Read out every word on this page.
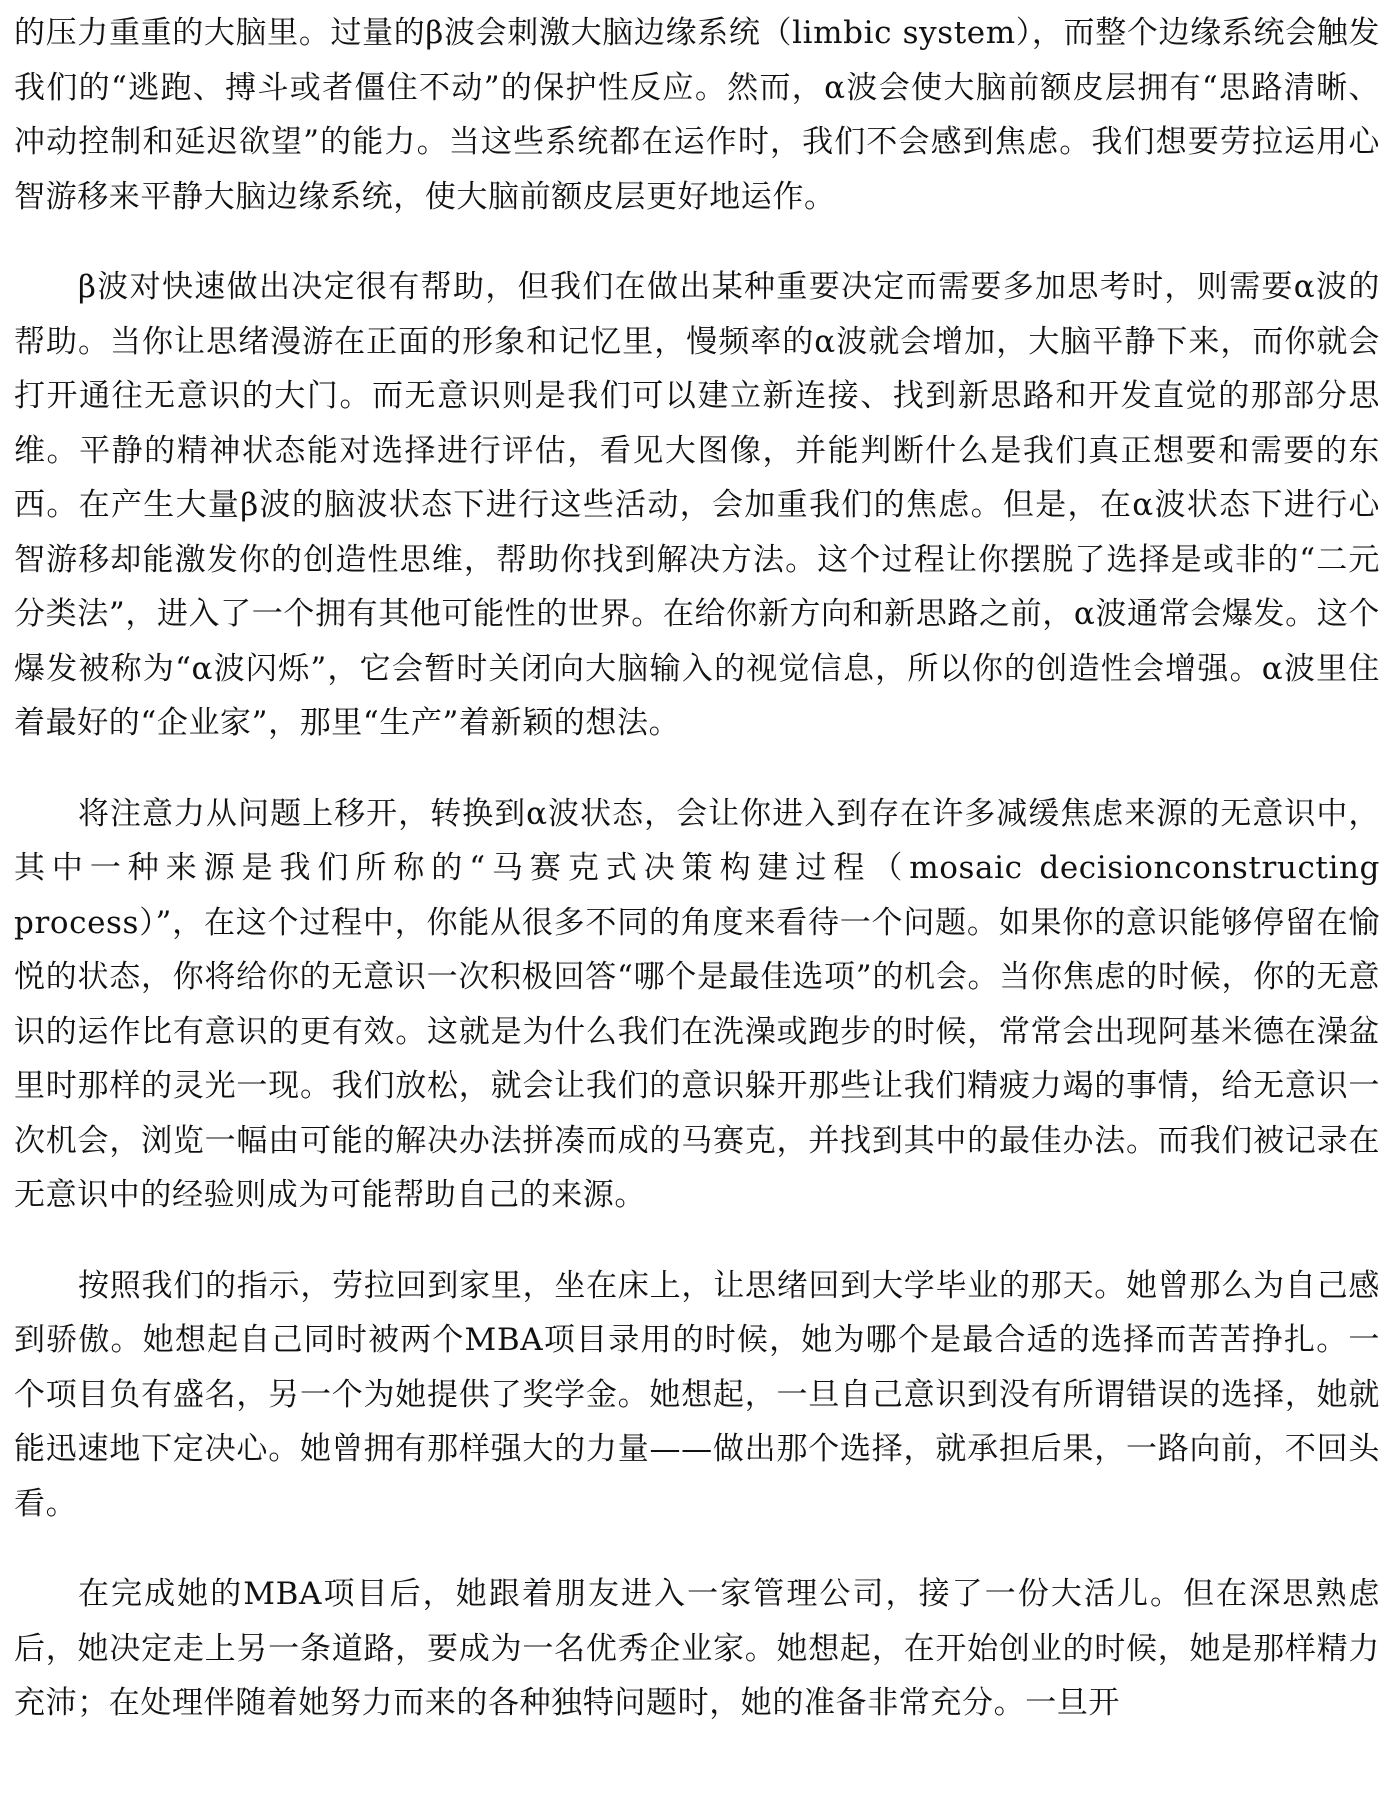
的压力重重的大脑里。过量的β波会刺激大脑边缘系统（limbic system），而整个边缘系统会触发我们的“逃跑、搏斗或者僵住不动”的保护性反应。然而，α波会使大脑前额皮层拥有“思路清晰、冲动控制和延迟欲望”的能力。当这些系统都在运作时，我们不会感到焦虑。我们想要劳拉运用心智游移来平静大脑边缘系统，使大脑前额皮层更好地运作。

β波对快速做出决定很有帮助，但我们在做出某种重要决定而需要多加思考时，则需要α波的帮助。当你让思绪漫游在正面的形象和记忆里，慢频率的α波就会增加，大脑平静下来，而你就会打开通往无意识的大门。而无意识则是我们可以建立新连接、找到新思路和开发直觉的那部分思维。平静的精神状态能对选择进行评估，看见大图像，并能判断什么是我们真正想要和需要的东西。在产生大量β波的脑波状态下进行这些活动，会加重我们的焦虑。但是，在α波状态下进行心智游移却能激发你的创造性思维，帮助你找到解决方法。这个过程让你摆脱了选择是或非的“二元分类法”，进入了一个拥有其他可能性的世界。在给你新方向和新思路之前，α波通常会爆发。这个爆发被称为“α波闪烁”，它会暂时关闭向大脑输入的视觉信息，所以你的创造性会增强。α波里住着最好的“企业家”，那里“生产”着新颖的想法。

将注意力从问题上移开，转换到α波状态，会让你进入到存在许多减缓焦虑来源的无意识中，其中一种来源是我们所称的“马赛克式决策构建过程（mosaic decisionconstructing process）”，在这个过程中，你能从很多不同的角度来看待一个问题。如果你的意识能够停留在愉悦的状态，你将给你的无意识一次积极回答“哪个是最佳选项”的机会。当你焦虑的时候，你的无意识的运作比有意识的更有效。这就是为什么我们在洗澡或跑步的时候，常常会出现阿基米德在澡盆里时那样的灵光一现。我们放松，就会让我们的意识躲开那些让我们精疲力竭的事情，给无意识一次机会，浏览一幅由可能的解决办法拼凑而成的马赛克，并找到其中的最佳办法。而我们被记录在无意识中的经验则成为可能帮助自己的来源。

按照我们的指示，劳拉回到家里，坐在床上，让思绪回到大学毕业的那天。她曾那么为自己感到骄傲。她想起自己同时被两个MBA项目录用的时候，她为哪个是最合适的选择而苦苦挣扎。一个项目负有盛名，另一个为她提供了奖学金。她想起，一旦自己意识到没有所谓错误的选择，她就能迅速地下定决心。她曾拥有那样强大的力量——做出那个选择，就承担后果，一路向前，不回头看。

在完成她的MBA项目后，她跟着朋友进入一家管理公司，接了一份大活儿。但在深思熟虑后，她决定走上另一条道路，要成为一名优秀企业家。她想起，在开始创业的时候，她是那样精力充沛；在处理伴随着她努力而来的各种独特问题时，她的准备非常充分。一旦开
